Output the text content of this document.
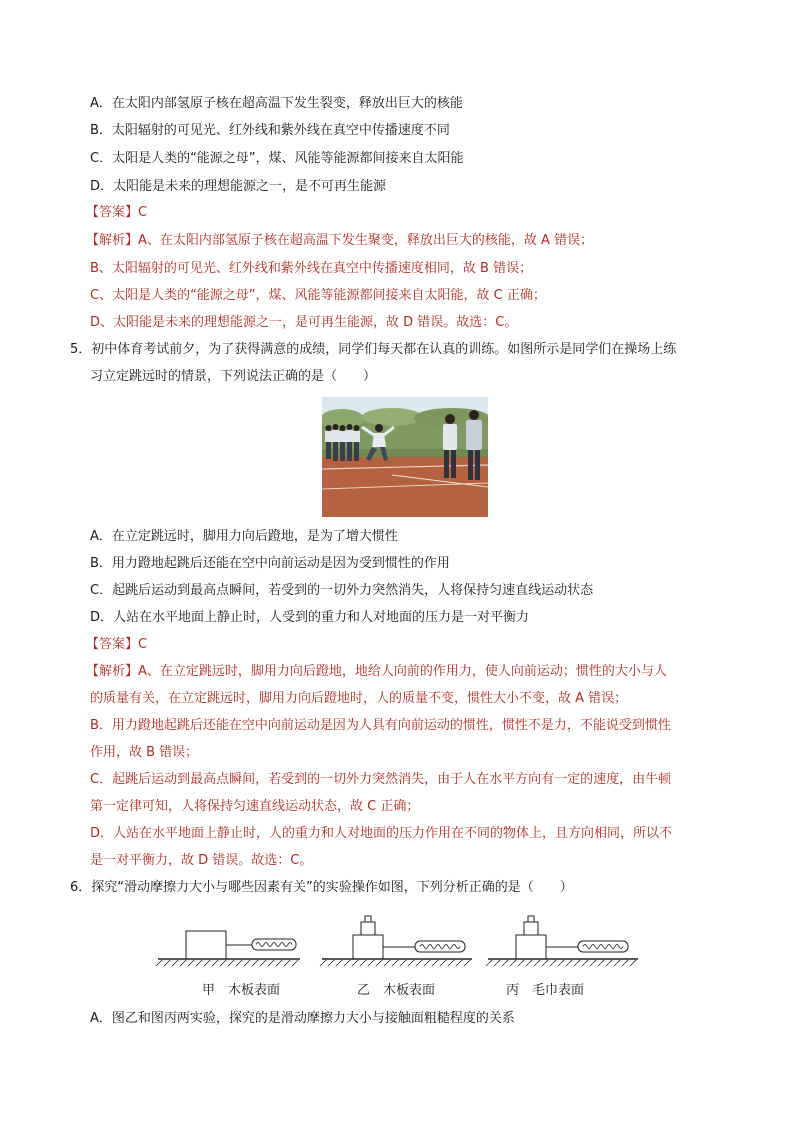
A．在太阳内部氢原子核在超高温下发生裂变，释放出巨大的核能
B．太阳辐射的可见光、红外线和紫外线在真空中传播速度不同
C．太阳是人类的“能源之母”，煤、风能等能源都间接来自太阳能
D．太阳能是未来的理想能源之一，是不可再生能源
【答案】C
【解析】A、在太阳内部氢原子核在超高温下发生聚变，释放出巨大的核能，故 A 错误；
B、太阳辐射的可见光、红外线和紫外线在真空中传播速度相同，故 B 错误；
C、太阳是人类的“能源之母”，煤、风能等能源都间接来自太阳能，故 C 正确；
D、太阳能是未来的理想能源之一，是可再生能源，故 D 错误。故选：C。
5．初中体育考试前夕，为了获得满意的成绩，同学们每天都在认真的训练。如图所示是同学们在操场上练
习立定跳远时的情景，下列说法正确的是（　　）
A．在立定跳远时，脚用力向后蹬地，是为了增大惯性
B．用力蹬地起跳后还能在空中向前运动是因为受到惯性的作用
C．起跳后运动到最高点瞬间，若受到的一切外力突然消失，人将保持匀速直线运动状态
D．人站在水平地面上静止时，人受到的重力和人对地面的压力是一对平衡力
【答案】C
【解析】A、在立定跳远时，脚用力向后蹬地，地给人向前的作用力，使人向前运动；惯性的大小与人
的质量有关，在立定跳远时，脚用力向后蹬地时，人的质量不变，惯性大小不变，故 A 错误；
B．用力蹬地起跳后还能在空中向前运动是因为人具有向前运动的惯性，惯性不是力，不能说受到惯性
作用，故 B 错误；
C．起跳后运动到最高点瞬间，若受到的一切外力突然消失，由于人在水平方向有一定的速度，由牛顿
第一定律可知，人将保持匀速直线运动状态，故 C 正确；
D．人站在水平地面上静止时，人的重力和人对地面的压力作用在不同的物体上，且方向相同，所以不
是一对平衡力，故 D 错误。故选：C。
6．探究“滑动摩擦力大小与哪些因素有关”的实验操作如图，下列分析正确的是（　　）
甲　木板表面	乙　木板表面	丙　毛巾表面
A．图乙和图丙两实验，探究的是滑动摩擦力大小与接触面粗糙程度的关系
